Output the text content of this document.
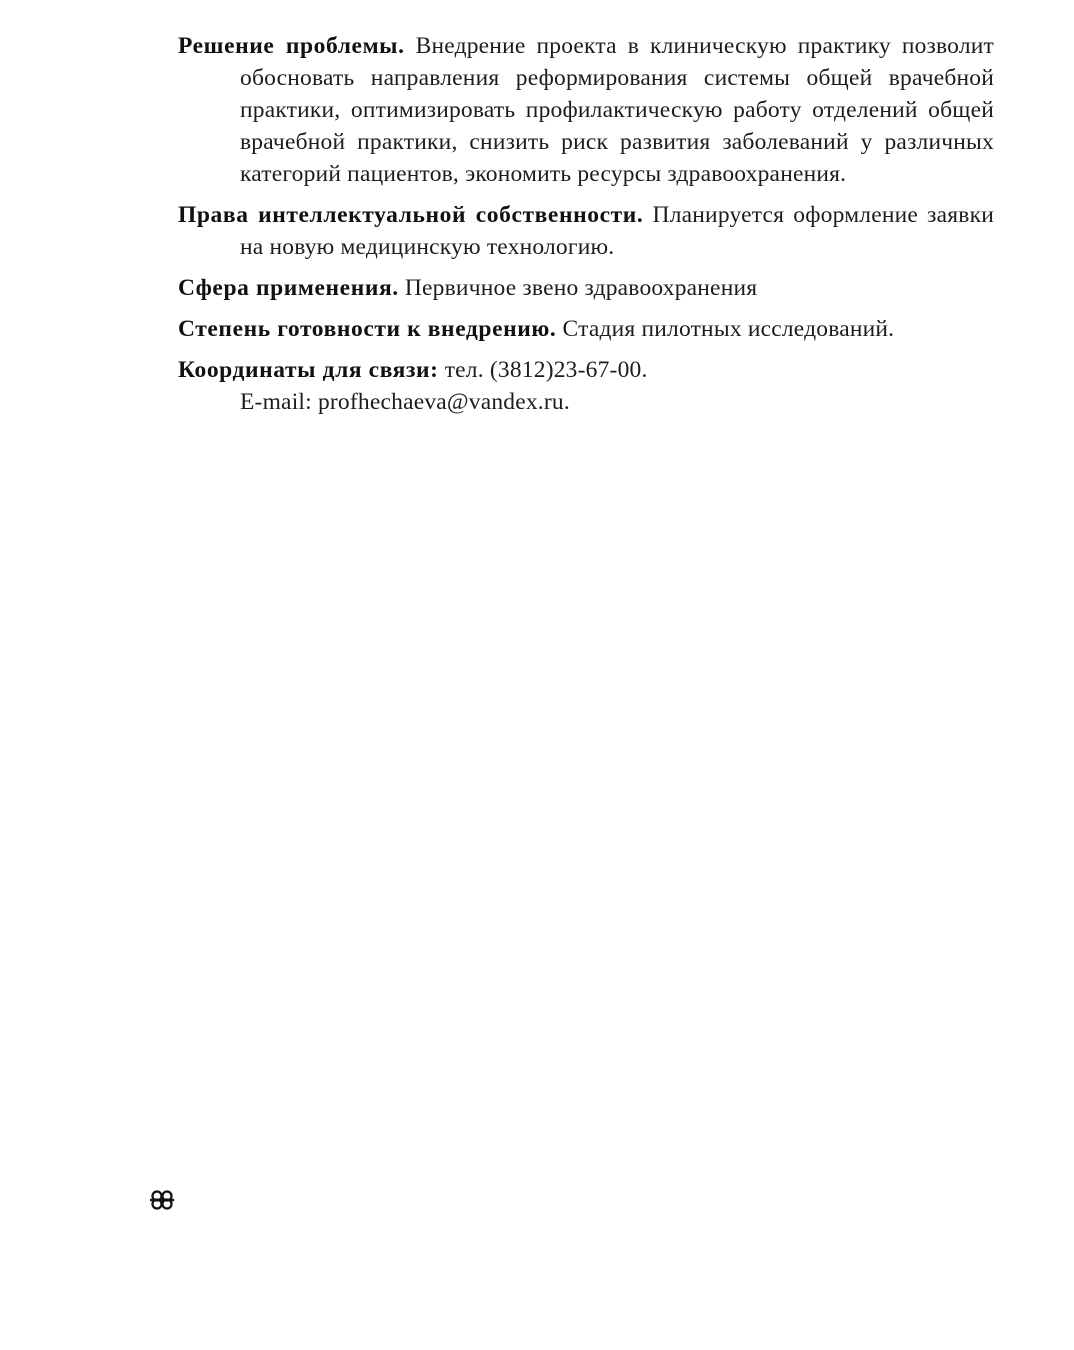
Решение проблемы. Внедрение проекта в клиническую практику позволит обосновать направления реформирования системы общей врачебной практики, оптимизировать профилактическую работу отделений общей врачебной практики, снизить риск развития заболеваний у различных категорий пациентов, экономить ресурсы здравоохранения.

Права интеллектуальной собственности. Планируется оформление заявки на новую медицинскую технологию.

Сфера применения. Первичное звено здравоохранения

Степень готовности к внедрению. Стадия пилотных исследований.

Координаты для связи: тел. (3812)23-67-00.
E-mail: profhechaeva@vandex.ru.
